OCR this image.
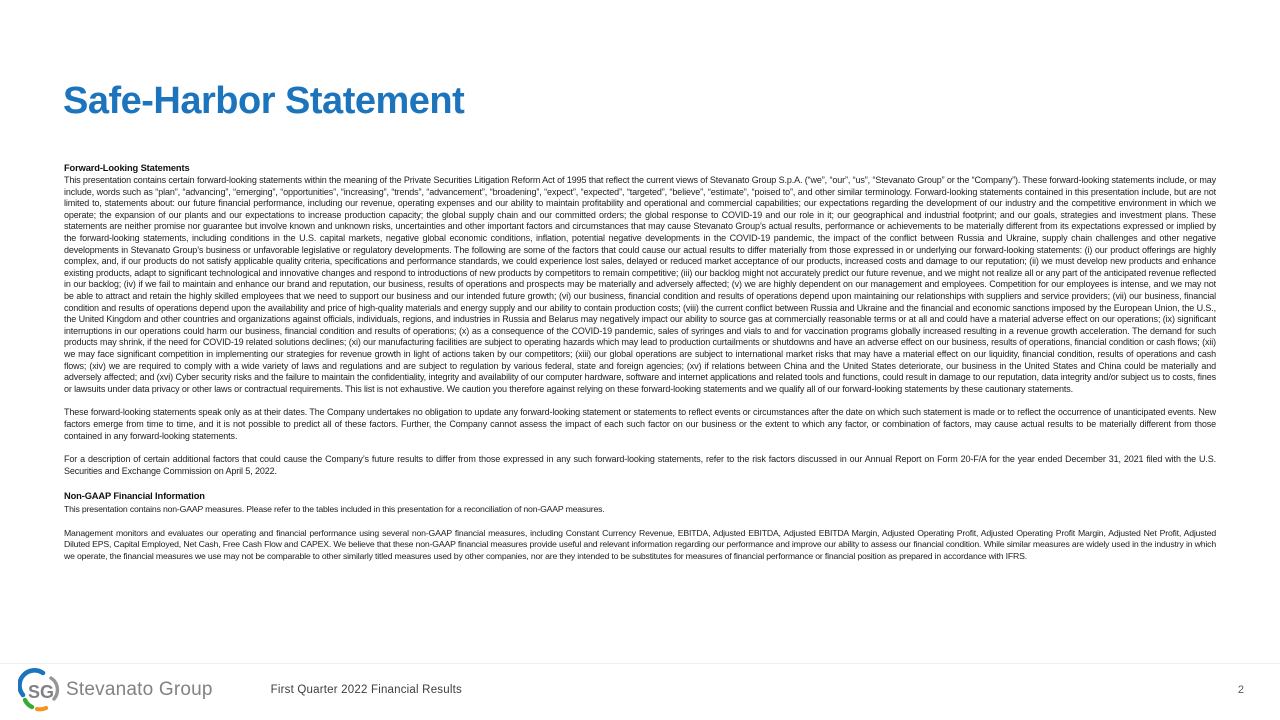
Safe-Harbor Statement
Forward-Looking Statements

This presentation contains certain forward-looking statements within the meaning of the Private Securities Litigation Reform Act of 1995 that reflect the current views of Stevanato Group S.p.A. (“we”, “our”, “us”, “Stevanato Group” or the “Company”). These forward-looking statements include, or may include, words such as “plan”, “advancing”, “emerging”, “opportunities”, “increasing”, “trends”, “advancement”, “broadening”, “expect”, “expected”, “targeted”, “believe”, “estimate”, “poised to”, and other similar terminology. Forward-looking statements contained in this presentation include, but are not limited to, statements about: our future financial performance, including our revenue, operating expenses and our ability to maintain profitability and operational and commercial capabilities; our expectations regarding the development of our industry and the competitive environment in which we operate; the expansion of our plants and our expectations to increase production capacity; the global supply chain and our committed orders; the global response to COVID-19 and our role in it; our geographical and industrial footprint; and our goals, strategies and investment plans. These statements are neither promise nor guarantee but involve known and unknown risks, uncertainties and other important factors and circumstances that may cause Stevanato Group’s actual results, performance or achievements to be materially different from its expectations expressed or implied by the forward-looking statements, including conditions in the U.S. capital markets, negative global economic conditions, inflation, potential negative developments in the COVID-19 pandemic, the impact of the conflict between Russia and Ukraine, supply chain challenges and other negative developments in Stevanato Group’s business or unfavorable legislative or regulatory developments. The following are some of the factors that could cause our actual results to differ materially from those expressed in or underlying our forward-looking statements: (i) our product offerings are highly complex, and, if our products do not satisfy applicable quality criteria, specifications and performance standards, we could experience lost sales, delayed or reduced market acceptance of our products, increased costs and damage to our reputation; (ii) we must develop new products and enhance existing products, adapt to significant technological and innovative changes and respond to introductions of new products by competitors to remain competitive; (iii) our backlog might not accurately predict our future revenue, and we might not realize all or any part of the anticipated revenue reflected in our backlog; (iv) if we fail to maintain and enhance our brand and reputation, our business, results of operations and prospects may be materially and adversely affected; (v) we are highly dependent on our management and employees. Competition for our employees is intense, and we may not be able to attract and retain the highly skilled employees that we need to support our business and our intended future growth; (vi) our business, financial condition and results of operations depend upon maintaining our relationships with suppliers and service providers; (vii) our business, financial condition and results of operations depend upon the availability and price of high-quality materials and energy supply and our ability to contain production costs; (viii) the current conflict between Russia and Ukraine and the financial and economic sanctions imposed by the European Union, the U.S., the United Kingdom and other countries and organizations against officials, individuals, regions, and industries in Russia and Belarus may negatively impact our ability to source gas at commercially reasonable terms or at all and could have a material adverse effect on our operations; (ix) significant interruptions in our operations could harm our business, financial condition and results of operations; (x) as a consequence of the COVID-19 pandemic, sales of syringes and vials to and for vaccination programs globally increased resulting in a revenue growth acceleration. The demand for such products may shrink, if the need for COVID-19 related solutions declines; (xi) our manufacturing facilities are subject to operating hazards which may lead to production curtailments or shutdowns and have an adverse effect on our business, results of operations, financial condition or cash flows; (xii) we may face significant competition in implementing our strategies for revenue growth in light of actions taken by our competitors; (xiii) our global operations are subject to international market risks that may have a material effect on our liquidity, financial condition, results of operations and cash flows; (xiv) we are required to comply with a wide variety of laws and regulations and are subject to regulation by various federal, state and foreign agencies; (xv) if relations between China and the United States deteriorate, our business in the United States and China could be materially and adversely affected; and (xvi) Cyber security risks and the failure to maintain the confidentiality, integrity and availability of our computer hardware, software and internet applications and related tools and functions, could result in damage to our reputation, data integrity and/or subject us to costs, fines or lawsuits under data privacy or other laws or contractual requirements. This list is not exhaustive. We caution you therefore against relying on these forward-looking statements and we qualify all of our forward-looking statements by these cautionary statements.

These forward-looking statements speak only as at their dates. The Company undertakes no obligation to update any forward-looking statement or statements to reflect events or circumstances after the date on which such statement is made or to reflect the occurrence of unanticipated events. New factors emerge from time to time, and it is not possible to predict all of these factors. Further, the Company cannot assess the impact of each such factor on our business or the extent to which any factor, or combination of factors, may cause actual results to be materially different from those contained in any forward-looking statements.

For a description of certain additional factors that could cause the Company’s future results to differ from those expressed in any such forward-looking statements, refer to the risk factors discussed in our Annual Report on Form 20-F/A for the year ended December 31, 2021 filed with the U.S. Securities and Exchange Commission on April 5, 2022.

Non-GAAP Financial Information

This presentation contains non-GAAP measures. Please refer to the tables included in this presentation for a reconciliation of non-GAAP measures.

Management monitors and evaluates our operating and financial performance using several non-GAAP financial measures, including Constant Currency Revenue, EBITDA, Adjusted EBITDA, Adjusted EBITDA Margin, Adjusted Operating Profit, Adjusted Operating Profit Margin, Adjusted Net Profit, Adjusted Diluted EPS, Capital Employed, Net Cash, Free Cash Flow and CAPEX. We believe that these non-GAAP financial measures provide useful and relevant information regarding our performance and improve our ability to assess our financial condition. While similar measures are widely used in the industry in which we operate, the financial measures we use may not be comparable to other similarly titled measures used by other companies, nor are they intended to be substitutes for measures of financial performance or financial position as prepared in accordance with IFRS.

SG Stevanato Group	First Quarter 2022 Financial Results	2
